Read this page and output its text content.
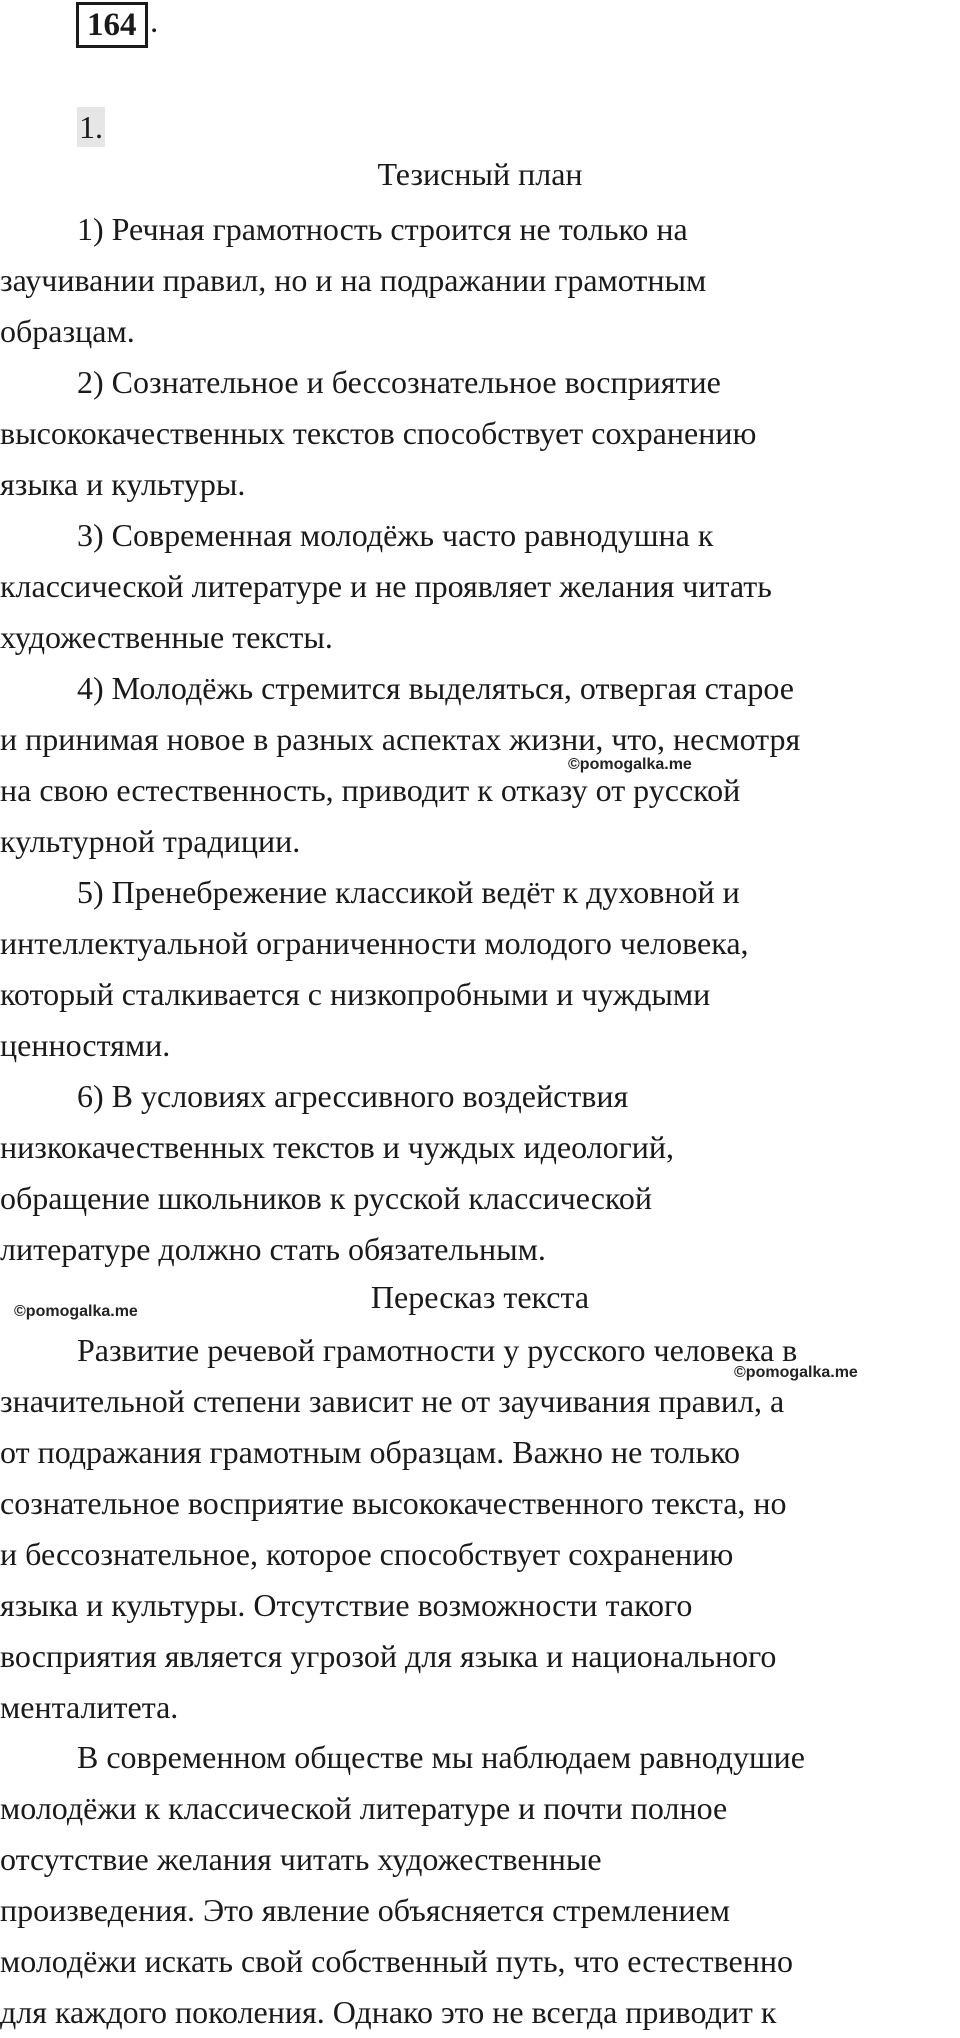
164 .
1.
Тезисный план
1) Речная грамотность строится не только на
заучивании правил, но и на подражании грамотным
образцам.
2) Сознательное и бессознательное восприятие
высококачественных текстов способствует сохранению
языка и культуры.
3) Современная молодёжь часто равнодушна к
классической литературе и не проявляет желания читать
художественные тексты.
4) Молодёжь стремится выделяться, отвергая старое
и принимая новое в разных аспектах жизни, что, несмотря
на свою естественность, приводит к отказу от русской
культурной традиции.
5) Пренебрежение классикой ведёт к духовной и
интеллектуальной ограниченности молодого человека,
который сталкивается с низкопробными и чуждыми
ценностями.
6) В условиях агрессивного воздействия
низкокачественных текстов и чуждых идеологий,
обращение школьников к русской классической
литературе должно стать обязательным.
Пересказ текста
Развитие речевой грамотности у русского человека в
значительной степени зависит не от заучивания правил, а
от подражания грамотным образцам. Важно не только
сознательное восприятие высококачественного текста, но
и бессознательное, которое способствует сохранению
языка и культуры. Отсутствие возможности такого
восприятия является угрозой для языка и национального
менталитета.
В современном обществе мы наблюдаем равнодушие
молодёжи к классической литературе и почти полное
отсутствие желания читать художественные
произведения. Это явление объясняется стремлением
молодёжи искать свой собственный путь, что естественно
для каждого поколения. Однако это не всегда приводит к
©pomogalka.me
©pomogalka.me
©pomogalka.me
